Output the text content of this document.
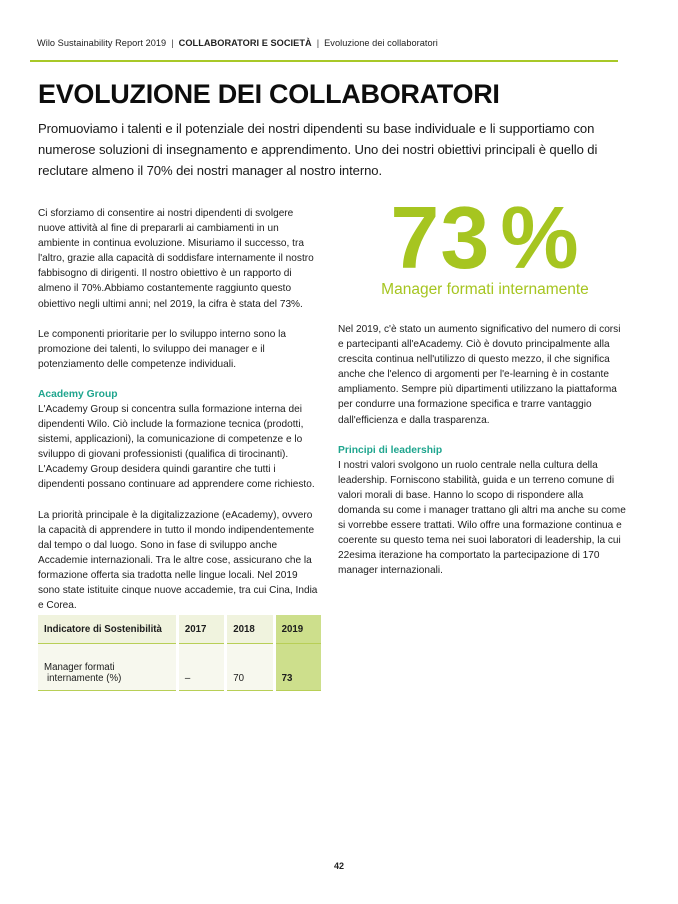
Wilo Sustainability Report 2019 | COLLABORATORI E SOCIETÀ | Evoluzione dei collaboratori
EVOLUZIONE DEI COLLABORATORI

Promuoviamo i talenti e il potenziale dei nostri dipendenti su base individuale e li supportiamo con numerose soluzioni di insegnamento e apprendimento. Uno dei nostri obiettivi principali è quello di reclutare almeno il 70% dei nostri manager al nostro interno.

Ci sforziamo di consentire ai nostri dipendenti di svolgere nuove attività al fine di prepararli ai cambiamenti in un ambiente in continua evoluzione. Misuriamo il successo, tra l'altro, grazie alla capacità di soddisfare internamente il nostro fabbisogno di dirigenti. Il nostro obiettivo è un rapporto di almeno il 70%.Abbiamo costantemente raggiunto questo obiettivo negli ultimi anni; nel 2019, la cifra è stata del 73%.

Le componenti prioritarie per lo sviluppo interno sono la promozione dei talenti, lo sviluppo dei manager e il potenziamento delle competenze individuali.

Academy Group

L'Academy Group si concentra sulla formazione interna dei dipendenti Wilo. Ciò include la formazione tecnica (prodotti, sistemi, applicazioni), la comunicazione di competenze e lo sviluppo di giovani professionisti (qualifica di tirocinanti). L'Academy Group desidera quindi garantire che tutti i dipendenti possano continuare ad apprendere come richiesto.

La priorità principale è la digitalizzazione (eAcademy), ovvero la capacità di apprendere in tutto il mondo indipendentemente dal tempo o dal luogo. Sono in fase di sviluppo anche Accademie internazionali. Tra le altre cose, assicurano che la formazione offerta sia tradotta nelle lingue locali. Nel 2019 sono state istituite cinque nuove accademie, tra cui Cina, India e Corea.

73 %
Manager formati internamente

Nel 2019, c'è stato un aumento significativo del numero di corsi e partecipanti all'eAcademy. Ciò è dovuto principalmente alla crescita continua nell'utilizzo di questo mezzo, il che significa anche che l'elenco di argomenti per l'e-learning è in costante ampliamento. Sempre più dipartimenti utilizzano la piattaforma per condurre una formazione specifica e trarre vantaggio dall'efficienza e dalla trasparenza.

Principi di leadership

I nostri valori svolgono un ruolo centrale nella cultura della leadership. Forniscono stabilità, guida e un terreno comune di valori morali di base. Hanno lo scopo di rispondere alla domanda su come i manager trattano gli altri ma anche su come si vorrebbe essere trattati. Wilo offre una formazione continua e coerente su questo tema nei suoi laboratori di leadership, la cui 22esima iterazione ha comportato la partecipazione di 170 manager internazionali.

Indicatore di Sostenibilità	2017	2018	2019

Manager formati
internamente (%)	–	70	73
42
